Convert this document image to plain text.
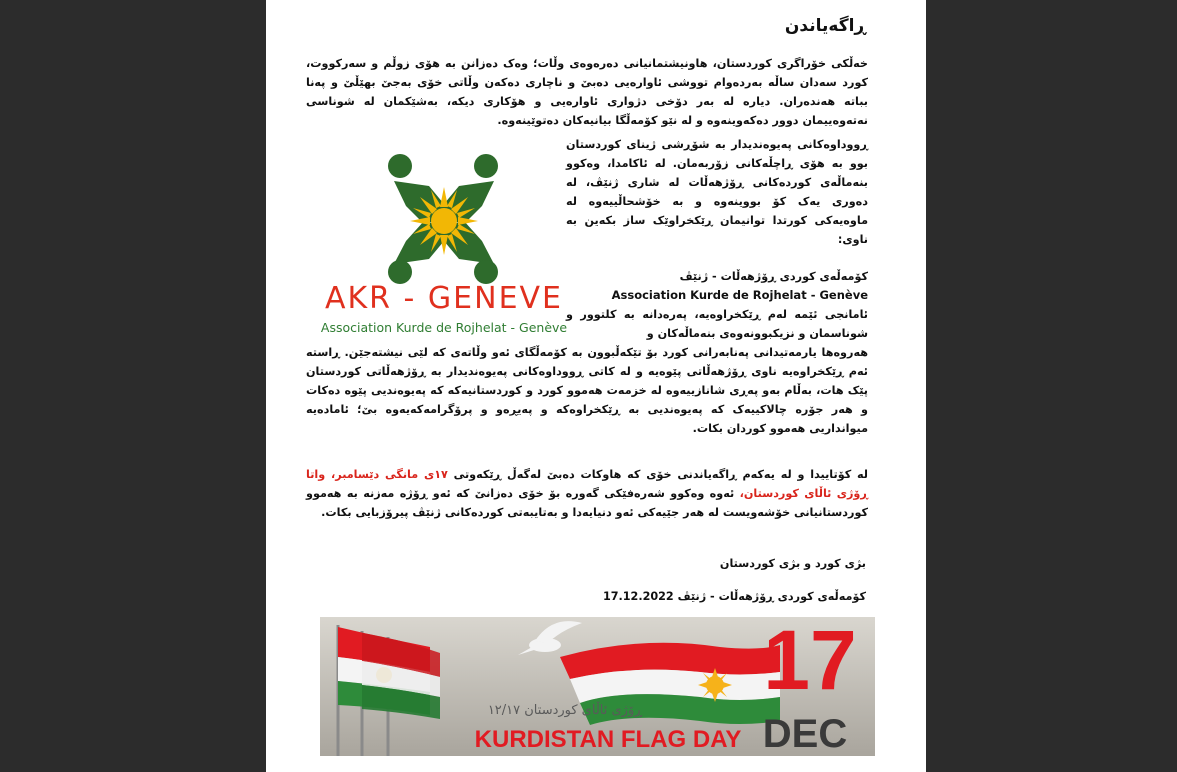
ڕاگەیاندن

خەڵکی خۆراگری کوردستان، هاونیشتمانیانی دەرەوەی وڵات؛ وەک دەزانن بە هۆی زوڵم و سەرکووت، کورد سەدان ساڵە بەردەوام تووشی ئاوارەیی دەبێ و ناچاری دەکەن وڵاتی خۆی بەجێ بهێڵێ و پەنا بباتە هەندەران. دیارە لە بەر دۆخی دژواری ئاوارەیی و هۆکاری دیکە، بەشێکمان لە شوناسی نەتەوەییمان دوور دەکەوینەوە و لە نێو کۆمەڵگا بیانیەکان دەتوێینەوە.

ڕووداوەکانی پەیوەندیدار بە شۆڕشی ژینای کوردستان بوو بە هۆی ڕاچڵەکانی زۆربەمان. لە ئاکامدا، وەکوو بنەماڵەی کوردەکانی ڕۆژهەڵات لە شاری ژنێڤ، لە دەوری یەک کۆ بووینەوە و بە خۆشحاڵییەوە لە ماوەیەکی کورتدا توانیمان ڕێکخراوێک ساز بکەین بە ناوی:

کۆمەڵەی کوردی ڕۆژهەڵات - ژنێڤ

Association Kurde de Rojhelat - Genève

ئامانجی ئێمە لەم ڕێکخراوەیە، پەرەدانە بە کلتوور و شوناسمان و نزیکبوونەوەی بنەماڵەکان و

هەروەها یارمەتیدانی پەنابەرانی کورد بۆ تێکەڵبوون بە کۆمەڵگای ئەو وڵاتەی کە لێی نیشتەجێن. ڕاستە ئەم ڕێکخراوەیە ناوی ڕۆژهەڵاتی پێوەیە و لە کاتی ڕووداوەکانی پەیوەندیدار بە ڕۆژهەڵاتی کوردستان پێک هات، بەڵام بەو پەڕی شانازییەوە لە خزمەت هەموو کورد و کوردستانیەکە کە پەیوەندیی پێوە دەکات و هەر جۆرە چالاکییەک کە پەیوەندیی بە ڕێکخراوەکە و پەیڕەو و پرۆگرامەکەیەوە بێ؛ ئامادەیە میوانداریی هەموو کوردان بکات.

لە کۆتاییدا و لە یەکەم ڕاگەیاندنی خۆی کە هاوکات دەبێ لەگەڵ ڕێکەوتی ١٧ی مانگی دێسامبر، واتا ڕۆژی ئاڵای کوردستان، ئەوە وەکوو شەرەفێکی گەورە بۆ خۆی دەزانێ کە ئەو ڕۆژە مەزنە بە هەموو کوردستانیانی خۆشەویست لە هەر جێیەکی ئەو دنیایەدا و بەتایبەتی کوردەکانی ژنێڤ پیرۆزبایی بکات.

بژی کورد و بژی کوردستان
کۆمەڵەی کوردی ڕۆژهەڵات - ژنێڤ 17.12.2022
AKR - GENEVE
Association Kurde de Rojhelat - Genève
ڕۆژی ئاڵای کوردستان ١٢/١٧
17
DEC
KURDISTAN FLAG DAY
